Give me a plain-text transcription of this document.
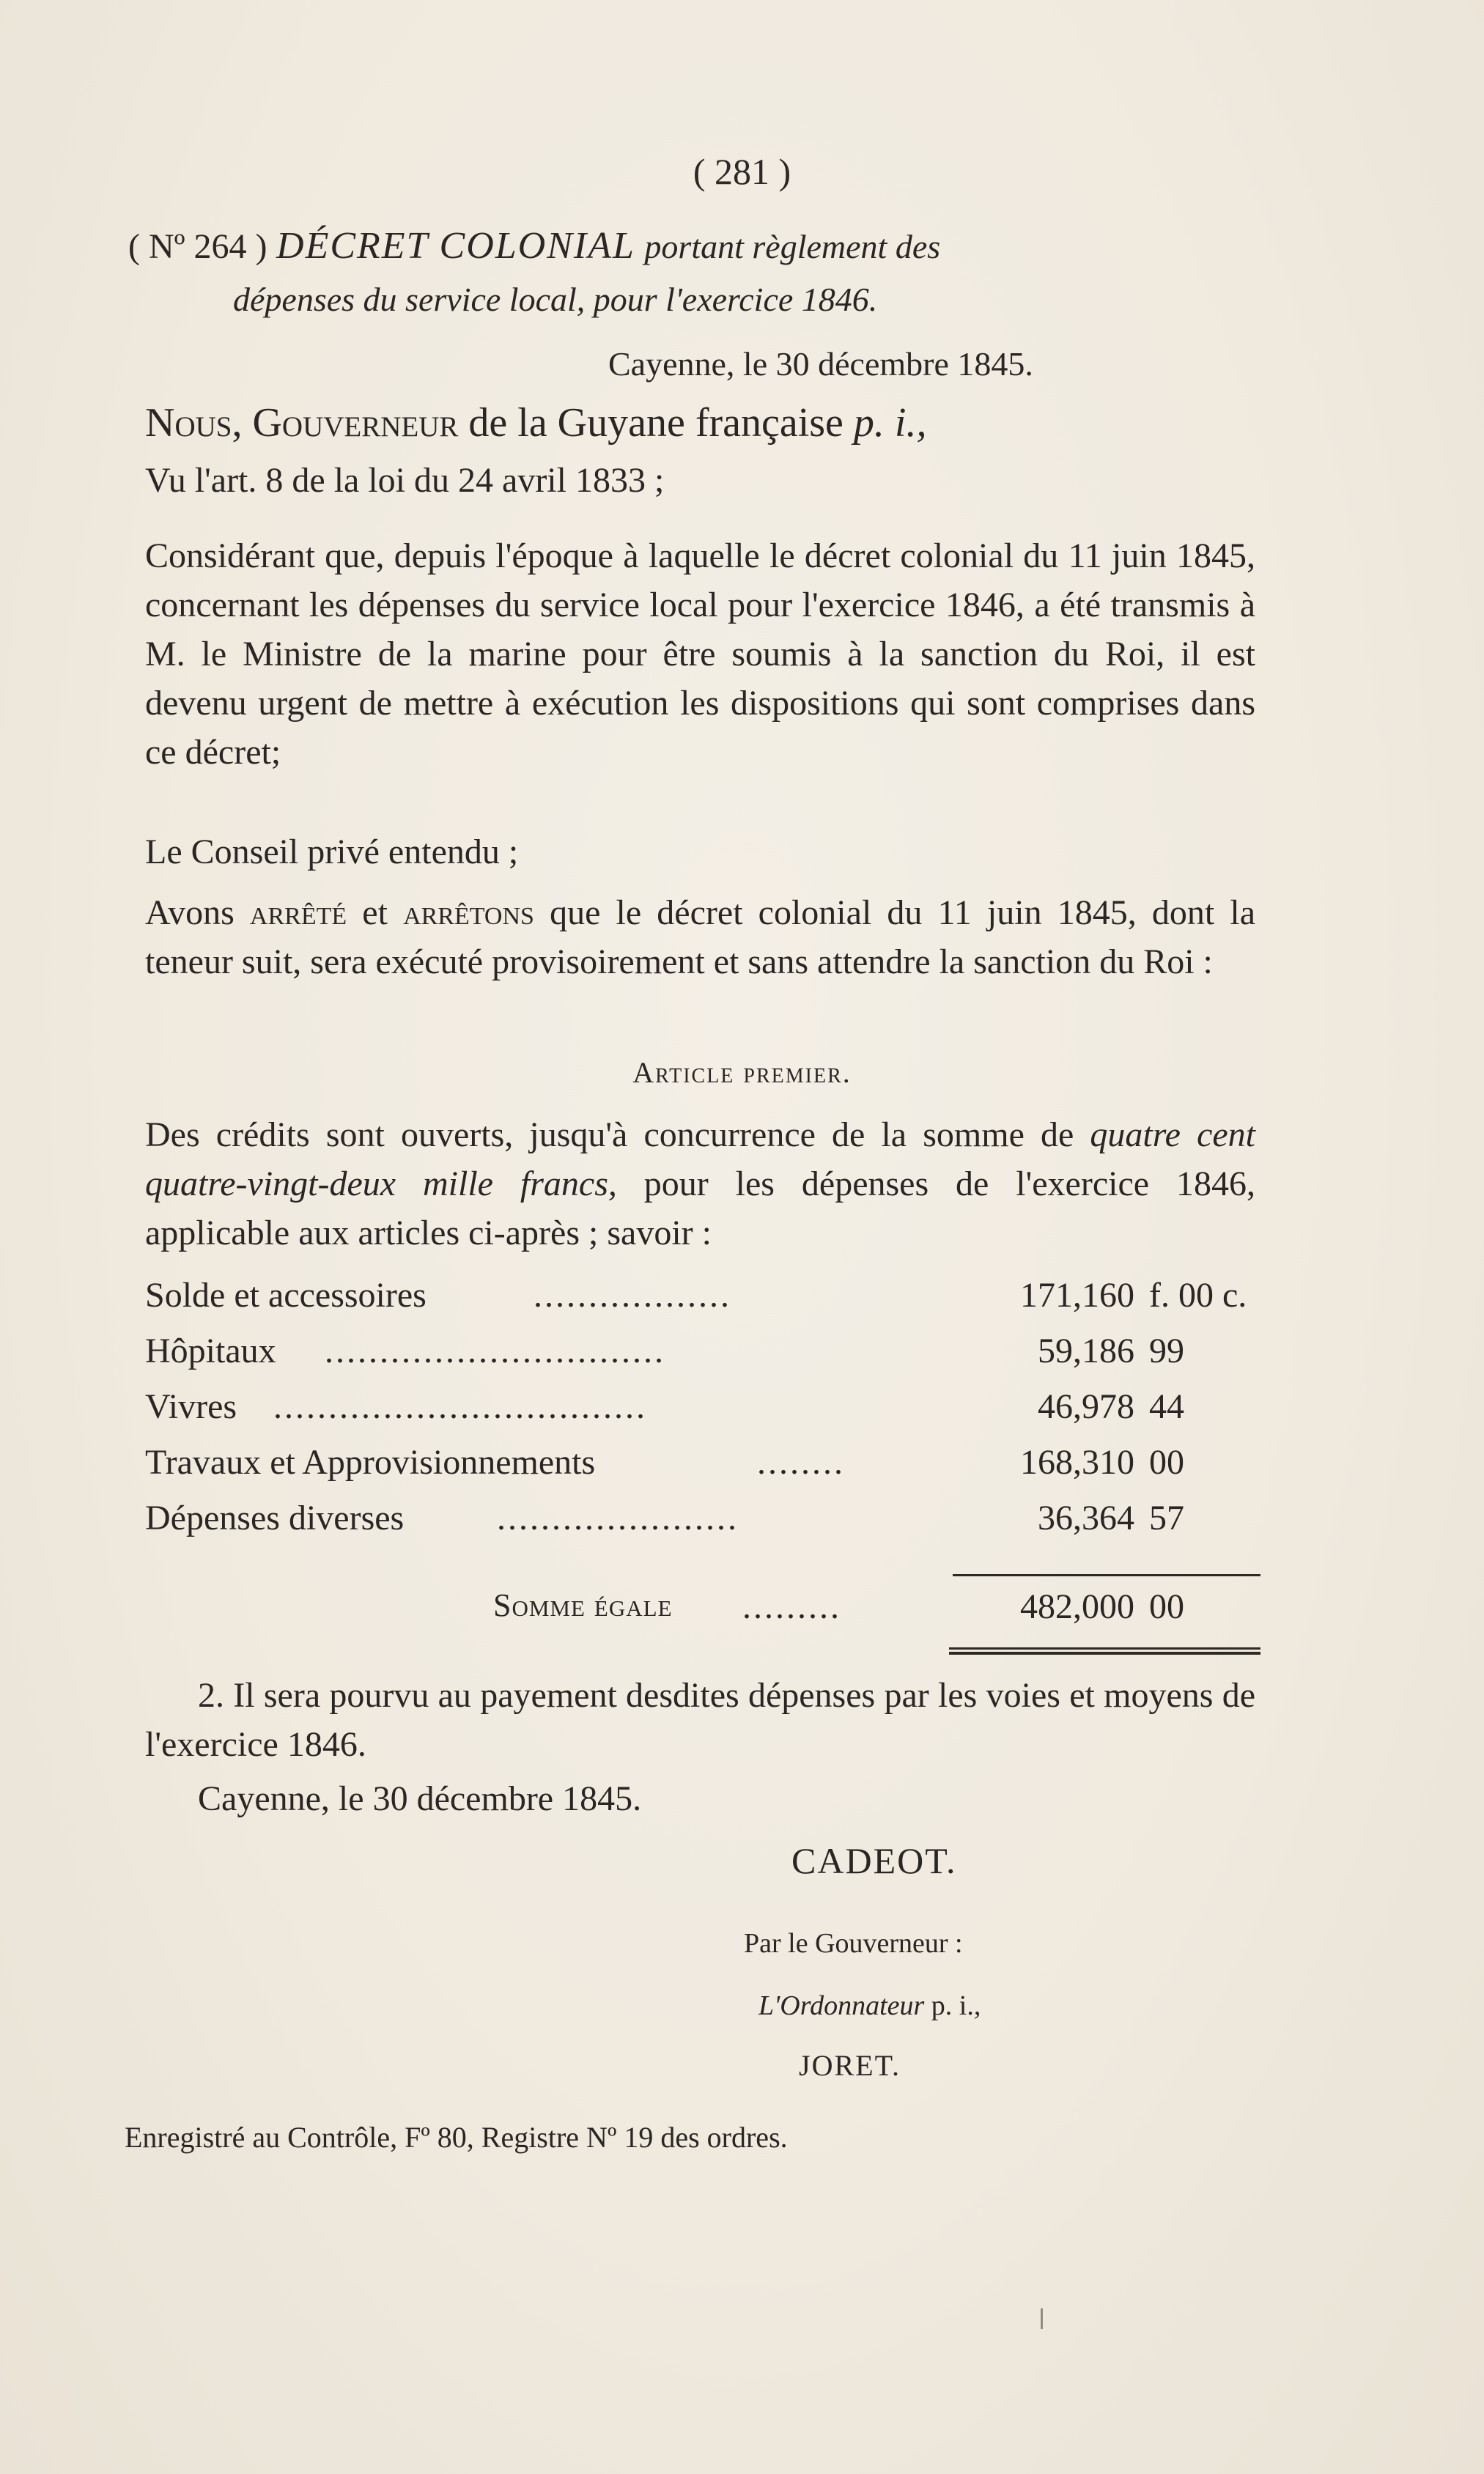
( 281 )
( Nº 264 ) DÉCRET COLONIAL portant règlement des
dépenses du service local, pour l'exercice 1846.
Cayenne, le 30 décembre 1845.
Nous, Gouverneur de la Guyane française p. i.,
Vu l'art. 8 de la loi du 24 avril 1833 ;
Considérant que, depuis l'époque à laquelle le décret colonial du 11 juin 1845, concernant les dépenses du service local pour l'exercice 1846, a été transmis à M. le Ministre de la marine pour être soumis à la sanction du Roi, il est devenu urgent de mettre à exécution les dispositions qui sont comprises dans ce décret;
Le Conseil privé entendu ;
Avons arrêté et arrêtons que le décret colonial du 11 juin 1845, dont la teneur suit, sera exécuté provisoirement et sans attendre la sanction du Roi :
Article premier.
Des crédits sont ouverts, jusqu'à concurrence de la somme de quatre cent quatre-vingt-deux mille francs, pour les dépenses de l'exercice 1846, applicable aux articles ci-après ; savoir :
Solde et accessoires	..................	171,160 f. 00 c.
Hôpitaux ...............................	59,186 99
Vivres ..................................	46,978 44
Travaux et Approvisionnements	........	168,310 00
Dépenses diverses	......................	36,364 57
Somme égale .........	482,000 00
2. Il sera pourvu au payement desdites dépenses par les voies et moyens de l'exercice 1846.
Cayenne, le 30 décembre 1845.
CADEOT.
Par le Gouverneur :
L'Ordonnateur p. i.,
JORET.
Enregistré au Contrôle, Fº 80, Registre Nº 19 des ordres.
